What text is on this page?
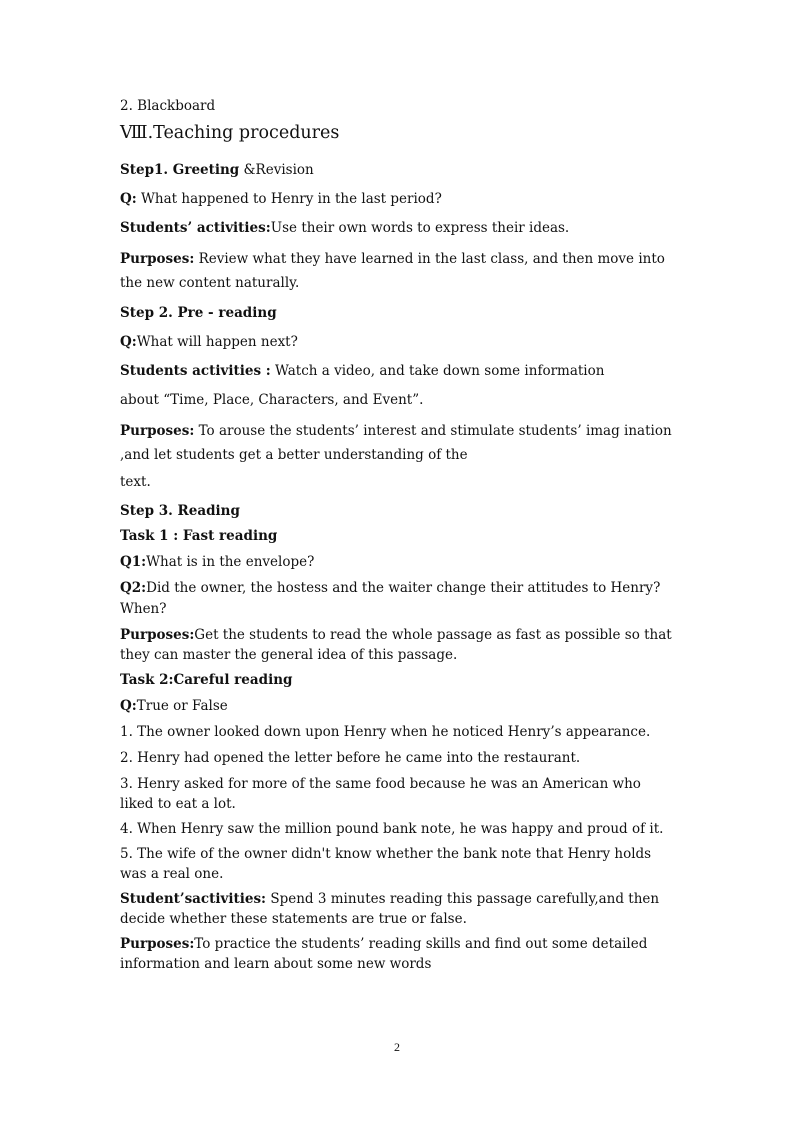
2. Blackboard

Ⅷ.Teaching procedures

Step1. Greeting &Revision

Q: What happened to Henry in the last period?

Students’ activities:Use their own words to express their ideas.

Purposes: Review what they have learned in the last class, and then move into the new content naturally.

Step 2. Pre - reading

Q:What will happen next?

Students activities : Watch a video, and take down some information

about “Time, Place, Characters, and Event”.

Purposes: To arouse the students’ interest and stimulate students’ imag ination ,and let students get a better understanding of the

text.

Step 3. Reading

Task 1 : Fast reading

Q1:What is in the envelope?

Q2:Did the owner, the hostess and the waiter change their attitudes to Henry? When?

Purposes:Get the students to read the whole passage as fast as possible so that they can master the general idea of this passage.

Task 2:Careful reading

Q:True or False

1. The owner looked down upon Henry when he noticed Henry’s appearance.

2. Henry had opened the letter before he came into the restaurant.

3. Henry asked for more of the same food because he was an American who liked to eat a lot.

4. When Henry saw the million pound bank note, he was happy and proud of it.

5. The wife of the owner didn't know whether the bank note that Henry holds was a real one.

Student’sactivities: Spend 3 minutes reading this passage carefully,and then decide whether these statements are true or false.

Purposes:To practice the students’ reading skills and find out some detailed information and learn about some new words

2
